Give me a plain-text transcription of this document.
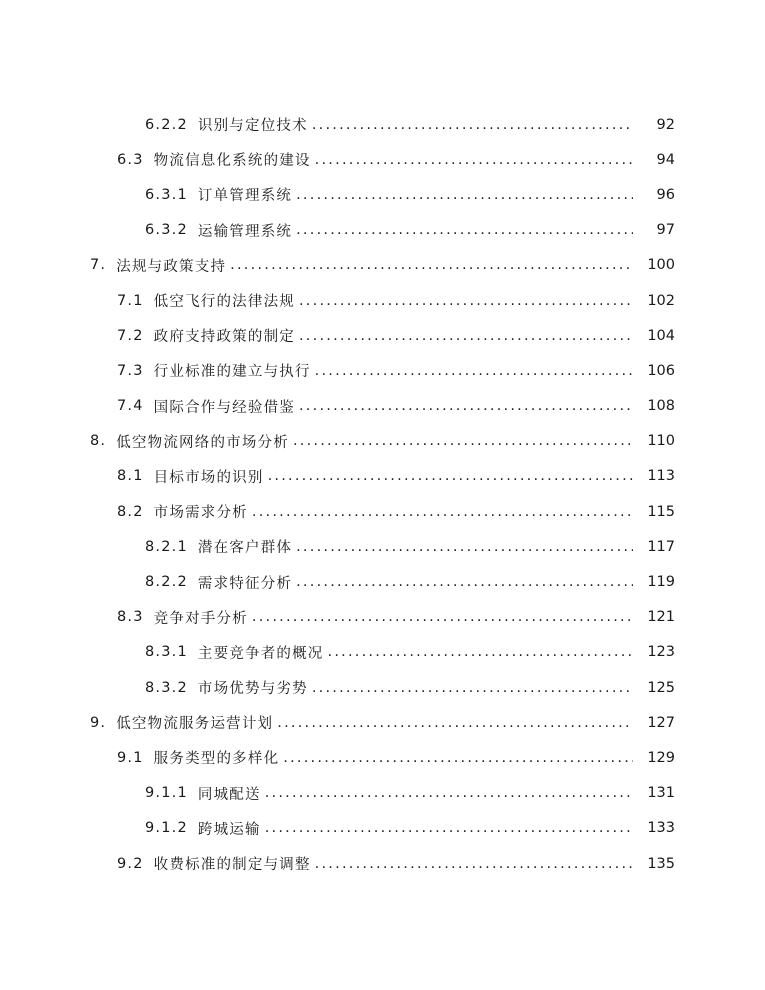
6.2.2 识别与定位技术 . . .	92
6.3 物流信息化系统的建设 . . .	94
6.3.1 订单管理系统 . . .	96
6.3.2 运输管理系统 . . .	97
7. 法规与政策支持 . . .	100
7.1 低空飞行的法律法规 . . .	102
7.2 政府支持政策的制定 . . .	104
7.3 行业标准的建立与执行 . . .	106
7.4 国际合作与经验借鉴 . . .	108
8. 低空物流网络的市场分析 . . .	110
8.1 目标市场的识别 . . .	113
8.2 市场需求分析 . . .	115
8.2.1 潜在客户群体 . . .	117
8.2.2 需求特征分析 . . .	119
8.3 竞争对手分析 . . .	121
8.3.1 主要竞争者的概况 . . .	123
8.3.2 市场优势与劣势 . . .	125
9. 低空物流服务运营计划 . . .	127
9.1 服务类型的多样化 . . .	129
9.1.1 同城配送 . . .	131
9.1.2 跨城运输 . . .	133
9.2 收费标准的制定与调整 . . .	135
